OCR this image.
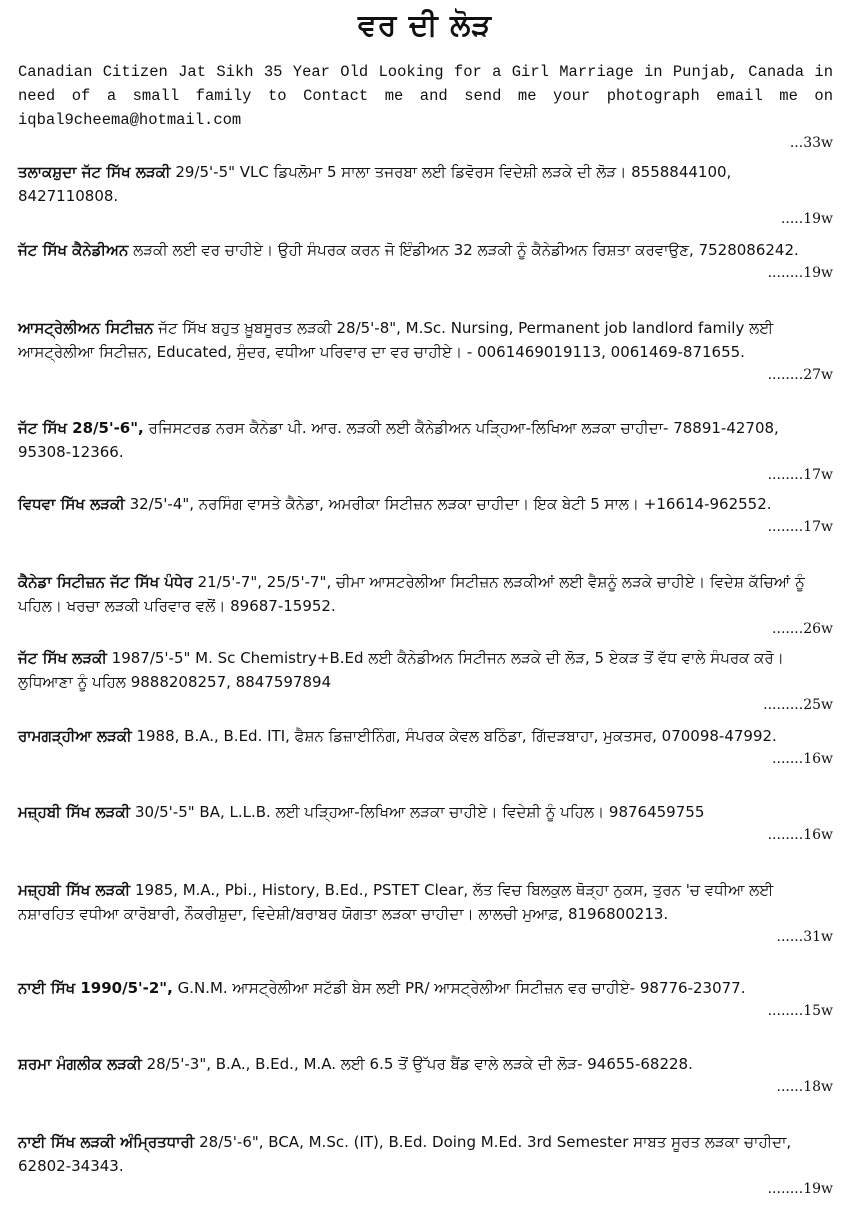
ਵਰ ਦੀ ਲੋੜ
Canadian Citizen Jat Sikh 35 Year Old Looking for a Girl Marriage in Punjab, Canada in need of a small family to Contact me and send me your photograph email me on iqbal9cheema@hotmail.com
...33w
ਤਲਾਕਸ਼ੁਦਾ ਜੱਟ ਸਿੱਖ ਲੜਕੀ 29/5'-5" VLC ਡਿਪਲੋਮਾ 5 ਸਾਲਾ ਤਜਰਬਾ ਲਈ ਡਿਵੋਰਸ ਵਿਦੇਸ਼ੀ ਲੜਕੇ ਦੀ ਲੋੜ। 8558844100, 8427110808.
.....19w
ਜੱਟ ਸਿੱਖ ਕੈਨੇਡੀਅਨ ਲੜਕੀ ਲਈ ਵਰ ਚਾਹੀਏ। ਉਹੀ ਸੰਪਰਕ ਕਰਨ ਜੋ ਇੰਡੀਅਨ 32 ਲੜਕੀ ਨੂੰ ਕੈਨੇਡੀਅਨ ਰਿਸ਼ਤਾ ਕਰਵਾਉਣ, 7528086242.
........19w
ਆਸਟ੍ਰੇਲੀਅਨ ਸਿਟੀਜ਼ਨ ਜੱਟ ਸਿੱਖ ਬਹੁਤ ਖ਼ੂਬਸੂਰਤ ਲੜਕੀ 28/5'-8", M.Sc. Nursing, Permanent job landlord family ਲਈ ਆਸਟ੍ਰੇਲੀਆ ਸਿਟੀਜ਼ਨ, Educated, ਸੁੰਦਰ, ਵਧੀਆ ਪਰਿਵਾਰ ਦਾ ਵਰ ਚਾਹੀਏ। - 0061469019113, 0061469-871655.
........27w
ਜੱਟ ਸਿੱਖ 28/5'-6", ਰਜਿਸਟਰਡ ਨਰਸ ਕੈਨੇਡਾ ਪੀ. ਆਰ. ਲੜਕੀ ਲਈ ਕੈਨੇਡੀਅਨ ਪੜ੍ਹਿਆ-ਲਿਖਿਆ ਲੜਕਾ ਚਾਹੀਦਾ- 78891-42708, 95308-12366.
........17w
ਵਿਧਵਾ ਸਿੱਖ ਲੜਕੀ 32/5'-4", ਨਰਸਿੰਗ ਵਾਸਤੇ ਕੈਨੇਡਾ, ਅਮਰੀਕਾ ਸਿਟੀਜ਼ਨ ਲੜਕਾ ਚਾਹੀਦਾ। ਇਕ ਬੇਟੀ 5 ਸਾਲ। +16614-962552.
........17w
ਕੈਨੇਡਾ ਸਿਟੀਜ਼ਨ ਜੱਟ ਸਿੱਖ ਪੰਧੇਰ 21/5'-7", 25/5'-7", ਚੀਮਾ ਆਸਟਰੇਲੀਆ ਸਿਟੀਜ਼ਨ ਲੜਕੀਆਂ ਲਈ ਵੈਸ਼ਨੂੰ ਲੜਕੇ ਚਾਹੀਏ। ਵਿਦੇਸ਼ ਕੱਚਿਆਂ ਨੂੰ ਪਹਿਲ। ਖਰਚਾ ਲੜਕੀ ਪਰਿਵਾਰ ਵਲੋਂ। 89687-15952.
.......26w
ਜੱਟ ਸਿੱਖ ਲੜਕੀ 1987/5'-5" M. Sc Chemistry+B.Ed ਲਈ ਕੈਨੇਡੀਅਨ ਸਿਟੀਜਨ ਲੜਕੇ ਦੀ ਲੋੜ, 5 ਏਕੜ ਤੋਂ ਵੱਧ ਵਾਲੇ ਸੰਪਰਕ ਕਰੋ। ਲੁਧਿਆਣਾ ਨੂੰ ਪਹਿਲ 9888208257, 8847597894
.........25w
ਰਾਮਗੜ੍ਹੀਆ ਲੜਕੀ 1988, B.A., B.Ed. ITI, ਫੈਸ਼ਨ ਡਿਜ਼ਾਈਨਿੰਗ, ਸੰਪਰਕ ਕੇਵਲ ਬਠਿੰਡਾ, ਗਿੱਦੜਬਾਹਾ, ਮੁਕਤਸਰ, 070098-47992.
.......16w
ਮਜ਼੍ਹਬੀ ਸਿੱਖ ਲੜਕੀ 30/5'-5" BA, L.L.B. ਲਈ ਪੜ੍ਹਿਆ-ਲਿਖਿਆ ਲੜਕਾ ਚਾਹੀਏ। ਵਿਦੇਸ਼ੀ ਨੂੰ ਪਹਿਲ। 9876459755
........16w
ਮਜ਼੍ਹਬੀ ਸਿੱਖ ਲੜਕੀ 1985, M.A., Pbi., History, B.Ed., PSTET Clear, ਲੱਤ ਵਿਚ ਬਿਲਕੁਲ ਥੋੜ੍ਹਾ ਨੁਕਸ, ਤੁਰਨ 'ਚ ਵਧੀਆ ਲਈ ਨਸ਼ਾਰਹਿਤ ਵਧੀਆ ਕਾਰੋਬਾਰੀ, ਨੌਕਰੀਸ਼ੁਦਾ, ਵਿਦੇਸ਼ੀ/ਬਰਾਬਰ ਯੋਗਤਾ ਲੜਕਾ ਚਾਹੀਦਾ। ਲਾਲਚੀ ਮੁਆਫ਼, 8196800213.
......31w
ਨਾਈ ਸਿੱਖ 1990/5'-2", G.N.M. ਆਸਟ੍ਰੇਲੀਆ ਸਟੱਡੀ ਬੇਸ ਲਈ PR/ ਆਸਟ੍ਰੇਲੀਆ ਸਿਟੀਜ਼ਨ ਵਰ ਚਾਹੀਏ- 98776-23077.
........15w
ਸ਼ਰਮਾ ਮੰਗਲੀਕ ਲੜਕੀ 28/5'-3", B.A., B.Ed., M.A. ਲਈ 6.5 ਤੋਂ ਉੱਪਰ ਬੈਂਡ ਵਾਲੇ ਲੜਕੇ ਦੀ ਲੋੜ- 94655-68228.
......18w
ਨਾਈ ਸਿੱਖ ਲੜਕੀ ਅੰਮ੍ਰਿਤਧਾਰੀ 28/5'-6", BCA, M.Sc. (IT), B.Ed. Doing M.Ed. 3rd Semester ਸਾਬਤ ਸੂਰਤ ਲੜਕਾ ਚਾਹੀਦਾ, 62802-34343.
........19w
